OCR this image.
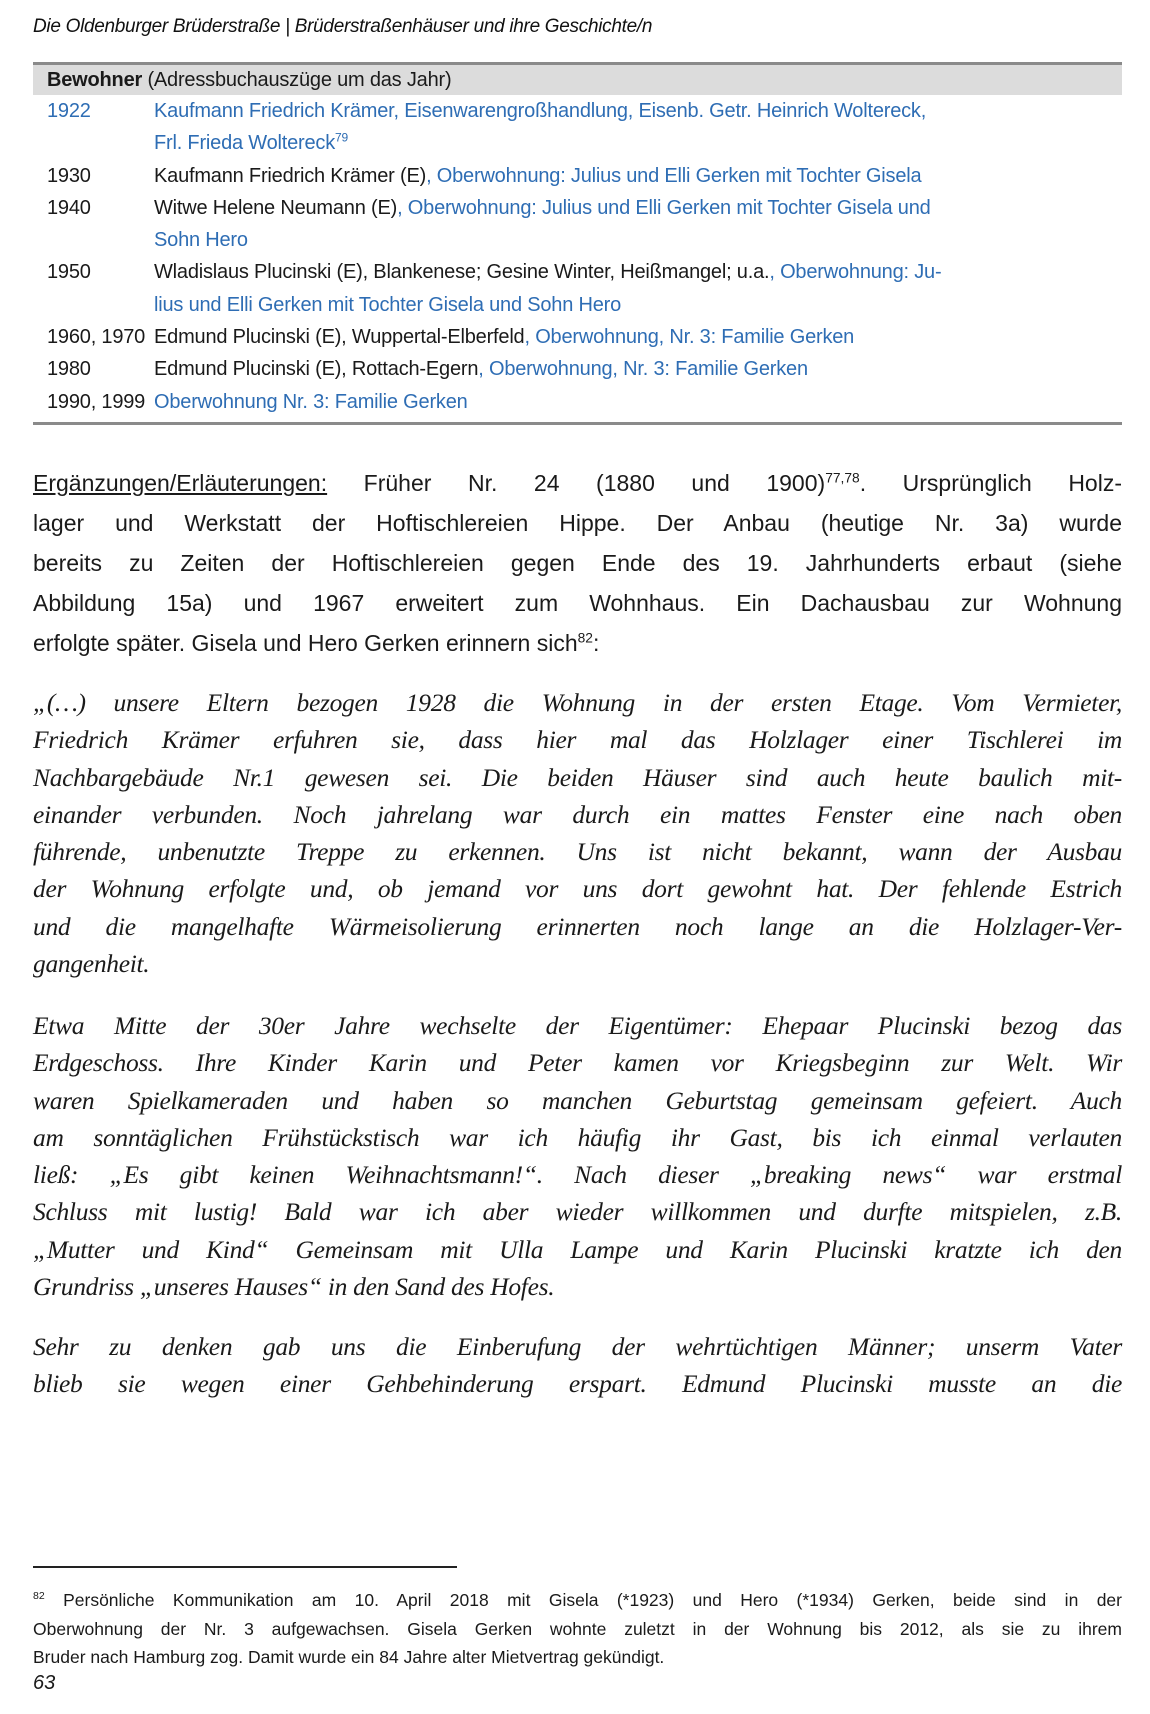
Die Oldenburger Brüderstraße | Brüderstraßenhäuser und ihre Geschichte/n
Bewohner (Adressbuchauszüge um das Jahr)
1922	Kaufmann Friedrich Krämer, Eisenwarengroßhandlung, Eisenb. Getr. Heinrich Woltereck,
Frl. Frieda Woltereck$^{79}$
1930	Kaufmann Friedrich Krämer (E), Oberwohnung: Julius und Elli Gerken mit Tochter Gisela
1940	Witwe Helene Neumann (E), Oberwohnung: Julius und Elli Gerken mit Tochter Gisela und
Sohn Hero
1950	Wladislaus Plucinski (E), Blankenese; Gesine Winter, Heißmangel; u.a., Oberwohnung: Ju-
lius und Elli Gerken mit Tochter Gisela und Sohn Hero
1960, 1970 Edmund Plucinski (E), Wuppertal-Elberfeld, Oberwohnung, Nr. 3: Familie Gerken
1980	Edmund Plucinski (E), Rottach-Egern, Oberwohnung, Nr. 3: Familie Gerken
1990, 1999 Oberwohnung Nr. 3: Familie Gerken
Ergänzungen/Erläuterungen: Früher Nr. 24 (1880 und 1900)$^{77,78}$. Ursprünglich Holz-
lager und Werkstatt der Hoftischlereien Hippe. Der Anbau (heutige Nr. 3a) wurde
bereits zu Zeiten der Hoftischlereien gegen Ende des 19. Jahrhunderts erbaut (siehe
Abbildung 15a) und 1967 erweitert zum Wohnhaus. Ein Dachausbau zur Wohnung
erfolgte später. Gisela und Hero Gerken erinnern sich$^{82}$:
„(…) unsere Eltern bezogen 1928 die Wohnung in der ersten Etage. Vom Vermieter,
Friedrich Krämer erfuhren sie, dass hier mal das Holzlager einer Tischlerei im
Nachbargebäude Nr.1 gewesen sei. Die beiden Häuser sind auch heute baulich mit-
einander verbunden. Noch jahrelang war durch ein mattes Fenster eine nach oben
führende, unbenutzte Treppe zu erkennen. Uns ist nicht bekannt, wann der Ausbau
der Wohnung erfolgte und, ob jemand vor uns dort gewohnt hat. Der fehlende Estrich
und die mangelhafte Wärmeisolierung erinnerten noch lange an die Holzlager-Ver-
gangenheit.
Etwa Mitte der 30er Jahre wechselte der Eigentümer: Ehepaar Plucinski bezog das
Erdgeschoss. Ihre Kinder Karin und Peter kamen vor Kriegsbeginn zur Welt. Wir
waren Spielkameraden und haben so manchen Geburtstag gemeinsam gefeiert. Auch
am sonntäglichen Frühstückstisch war ich häufig ihr Gast, bis ich einmal verlauten
ließ: „Es gibt keinen Weihnachtsmann!“. Nach dieser „breaking news“ war erstmal
Schluss mit lustig! Bald war ich aber wieder willkommen und durfte mitspielen, z.B.
„Mutter und Kind“ Gemeinsam mit Ulla Lampe und Karin Plucinski kratzte ich den
Grundriss „unseres Hauses“ in den Sand des Hofes.
Sehr zu denken gab uns die Einberufung der wehrtüchtigen Männer; unserm Vater
blieb sie wegen einer Gehbehinderung erspart. Edmund Plucinski musste an die
$^{82}$ Persönliche Kommunikation am 10. April 2018 mit Gisela (*1923) und Hero (*1934) Gerken, beide sind in der
Oberwohnung der Nr. 3 aufgewachsen. Gisela Gerken wohnte zuletzt in der Wohnung bis 2012, als sie zu ihrem
Bruder nach Hamburg zog. Damit wurde ein 84 Jahre alter Mietvertrag gekündigt.
63
